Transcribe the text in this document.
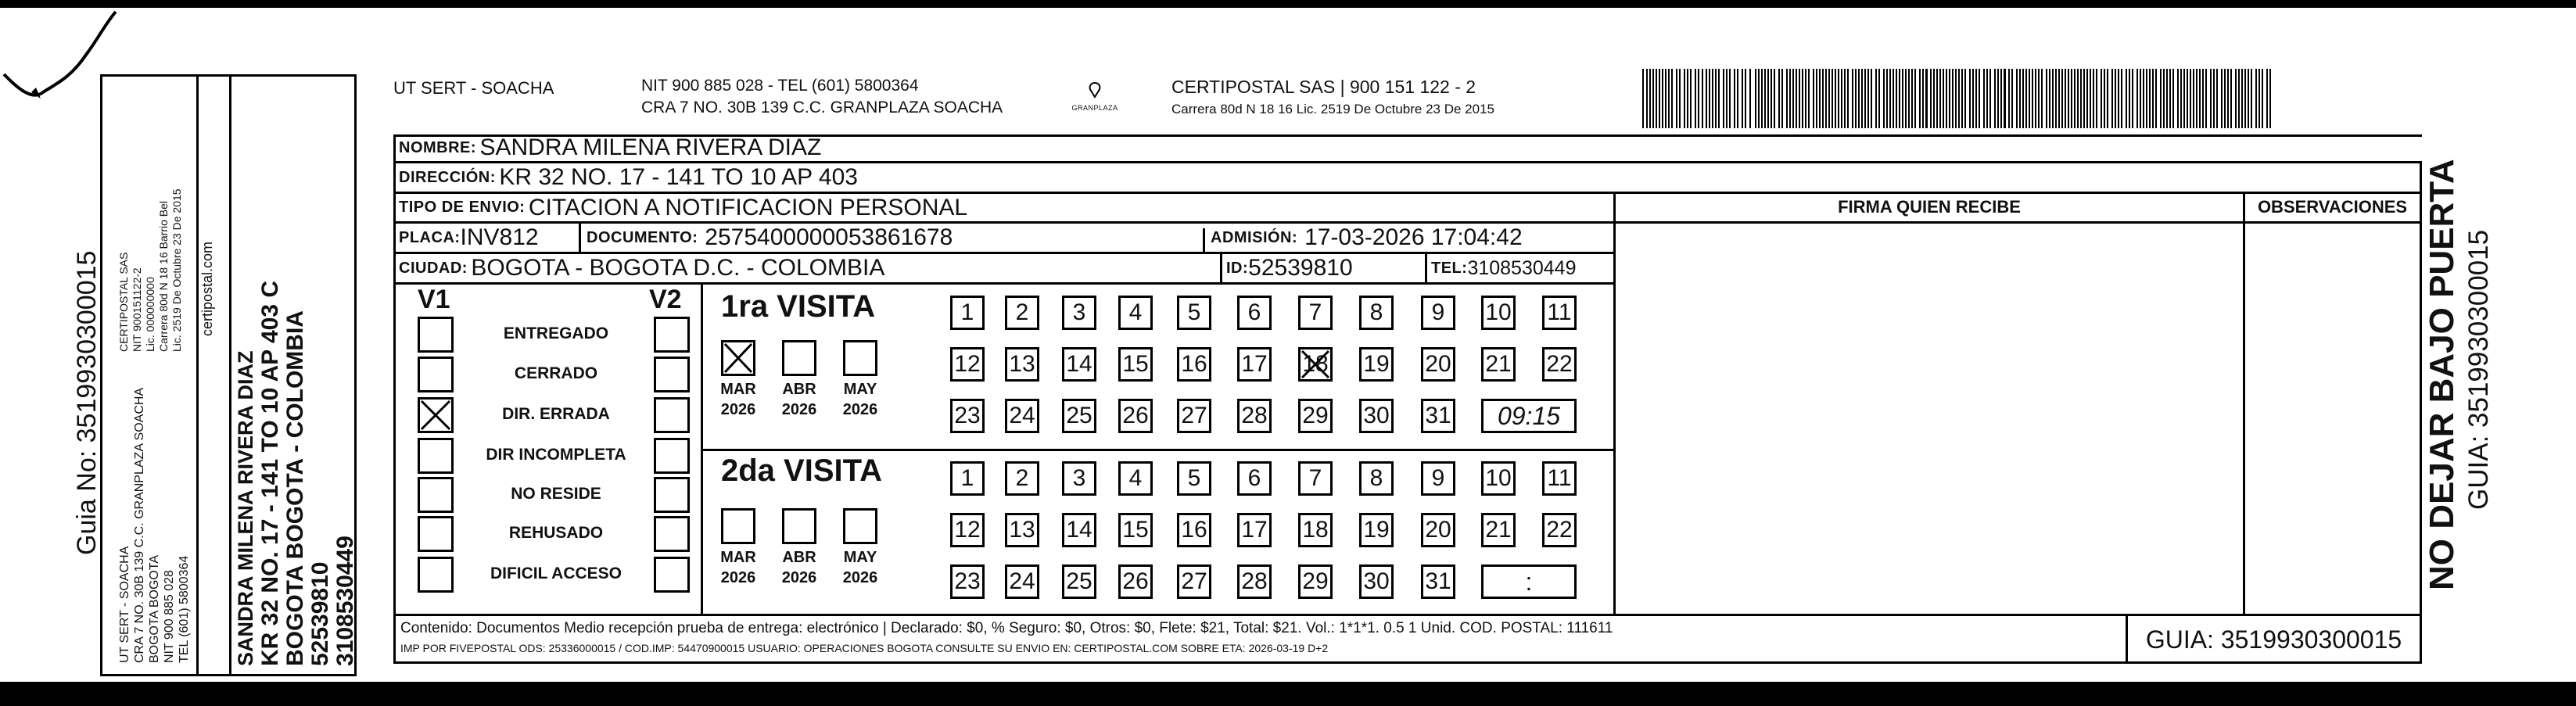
Guia No: 3519930300015
UT SERT - SOACHA CRA 7 NO. 30B 139 C.C. GRANPLAZA SOACHA BOGOTA BOGOTA NIT 900 885 028 TEL (601) 5800364
CERTIPOSTAL SAS NIT 900151122-2 Lic. 000000000 Carrera 80d N 18 16 Barrio Bel Lic. 2519 De Octubre 23 De 2015 certipostal.com
SANDRA MILENA RIVERA DIAZ KR 32 NO. 17 - 141 TO 10 AP 403 C BOGOTA BOGOTA - COLOMBIA 52539810 3108530449
UT SERT - SOACHA	NIT 900 885 028 - TEL (601) 5800364
CRA 7 NO. 30B 139 C.C. GRANPLAZA SOACHA	GRANPLAZA
CERTIPOSTAL SAS | 900 151 122 - 2
Carrera 80d N 18 16 Lic. 2519 De Octubre 23 De 2015
NOMBRE:
SANDRA MILENA RIVERA DIAZ
DIRECCIÓN:
KR 32 NO. 17 - 141 TO 10 AP 403
TIPO DE ENVIO:
CITACION A NOTIFICACION PERSONAL	FIRMA QUIEN RECIBE	OBSERVACIONES
PLACA: INV812	DOCUMENTO:
2575400000053861678	ADMISIÓN:
17-03-2026 17:04:42
CIUDAD:
BOGOTA - BOGOTA D.C. - COLOMBIA	ID: 52539810	TEL: 3108530449
V1	V2
ENTREGADO
CERRADO
DIR. ERRADA
DIR INCOMPLETA
NO RESIDE
REHUSADO
DIFICIL ACCESO
1ra VISITA
2da VISITA
MAR
2026
ABR
2026
MAY
2026
MAR
2026
ABR
2026
MAY
2026
1 2 3 4 5 6 7 8 9 10 11
12 13 14 15 16 17 18 19 20 21 22
23 24 25 26 27 28 29 30 31	09:15
1 2 3 4 5 6 7 8 9 10 11
12 13 14 15 16 17 18 19 20 21 22
23 24 25 26 27 28 29 30 31	:
Contenido: Documentos Medio recepción prueba de entrega: electrónico | Declarado: $0, % Seguro: $0, Otros: $0, Flete: $21, Total: $21. Vol.: 1*1*1. 0.5 1 Unid. COD. POSTAL: 111611
IMP POR FIVEPOSTAL ODS: 25336000015 / COD.IMP: 54470900015 USUARIO: OPERACIONES BOGOTA CONSULTE SU ENVIO EN: CERTIPOSTAL.COM SOBRE ETA: 2026-03-19 D+2	GUIA: 3519930300015
NO DEJAR BAJO PUERTA GUIA: 3519930300015
